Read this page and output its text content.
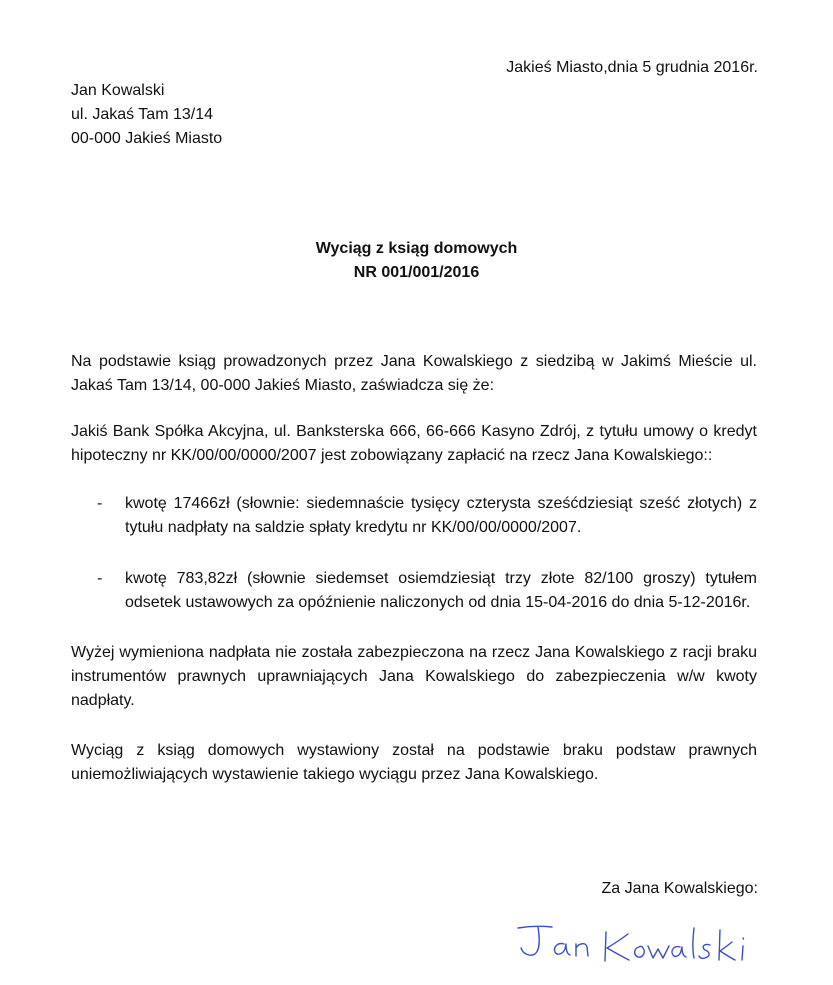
Jakieś Miasto,dnia 5 grudnia 2016r.
Jan Kowalski
ul. Jakaś Tam 13/14
00-000 Jakieś Miasto
Wyciąg z ksiąg domowych
NR 001/001/2016

Na podstawie ksiąg prowadzonych przez Jana Kowalskiego z siedzibą w Jakimś Mieście ul. Jakaś Tam 13/14, 00-000 Jakieś Miasto, zaświadcza się że:

Jakiś Bank Spółka Akcyjna, ul. Banksterska 666, 66-666 Kasyno Zdrój, z tytułu umowy o kredyt hipoteczny nr KK/00/00/0000/2007 jest zobowiązany zapłacić na rzecz Jana Kowalskiego::

- kwotę 17466zł (słownie: siedemnaście tysięcy czterysta sześćdziesiąt sześć złotych) z tytułu nadpłaty na saldzie spłaty kredytu nr KK/00/00/0000/2007.
- kwotę 783,82zł (słownie siedemset osiemdziesiąt trzy złote 82/100 groszy) tytułem odsetek ustawowych za opóźnienie naliczonych od dnia 15-04-2016 do dnia 5-12-2016r.

Wyżej wymieniona nadpłata nie została zabezpieczona na rzecz Jana Kowalskiego z racji braku instrumentów prawnych uprawniających Jana Kowalskiego do zabezpieczenia w/w kwoty nadpłaty.

Wyciąg z ksiąg domowych wystawiony został na podstawie braku podstaw prawnych uniemożliwiających wystawienie takiego wyciągu przez Jana Kowalskiego.

Za Jana Kowalskiego:
